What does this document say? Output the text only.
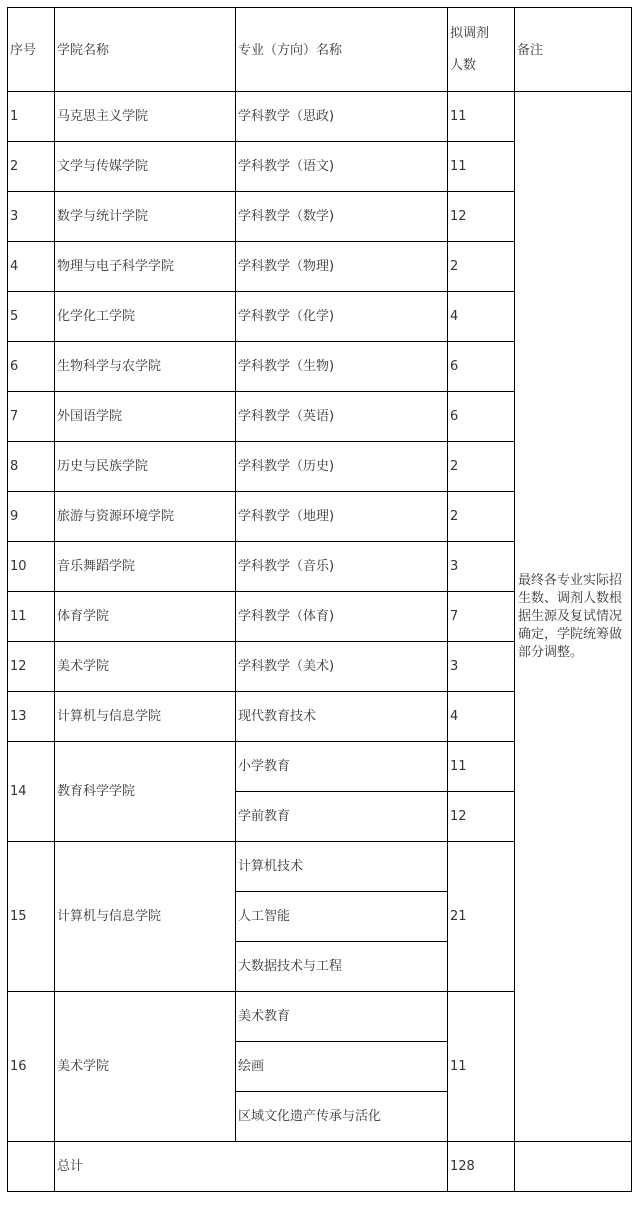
序号	学院名称	专业（方向）名称	拟调剂
人数	备注
1	马克思主义学院	学科教学（思政)	11	最终各专业实际招生数、调剂人数根据生源及复试情况确定，学院统筹做部分调整。
2	文学与传媒学院	学科教学（语文)	11	
3	数学与统计学院	学科教学（数学)	12	
4	物理与电子科学学院	学科教学（物理)	2	
5	化学化工学院	学科教学（化学)	4	
6	生物科学与农学院	学科教学（生物)	6	
7	外国语学院	学科教学（英语)	6	
8	历史与民族学院	学科教学（历史)	2	
9	旅游与资源环境学院	学科教学（地理)	2	
10	音乐舞蹈学院	学科教学（音乐)	3	
11	体育学院	学科教学（体育)	7	
12	美术学院	学科教学（美术)	3	
13	计算机与信息学院	现代教育技术	4	
14	教育科学学院	小学教育	11	
		学前教育	12	
15	计算机与信息学院	计算机技术	21	
		人工智能		
		大数据技术与工程		
16	美术学院	美术教育	11	
		绘画		
		区域文化遗产传承与活化		
	总计		128	
